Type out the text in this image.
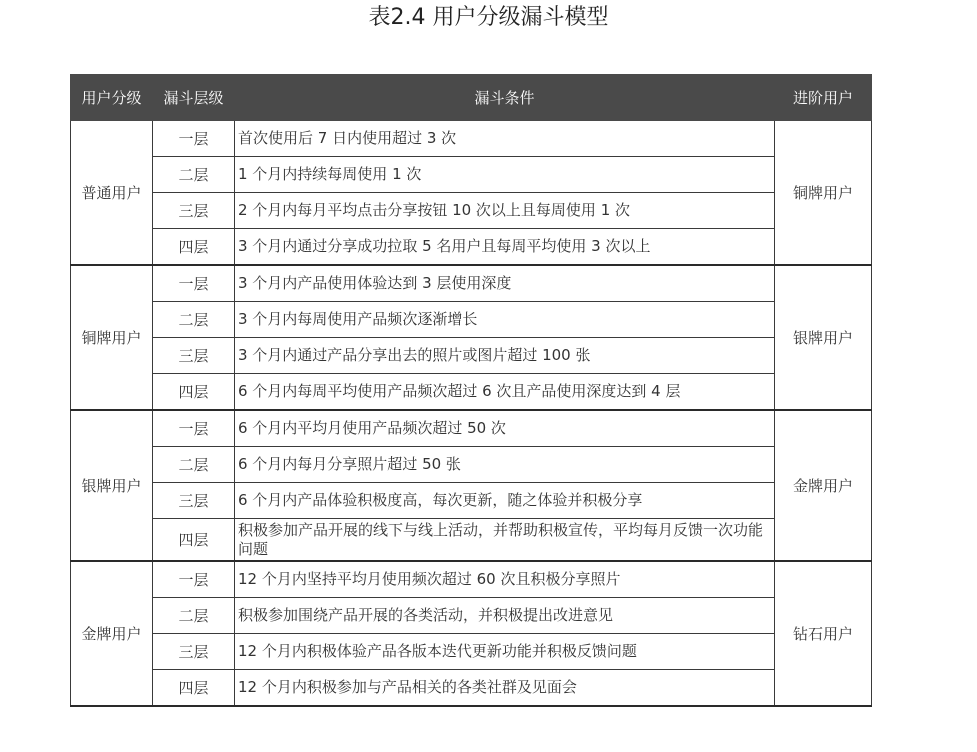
表2.4 用户分级漏斗模型
用户分级	漏斗层级	漏斗条件	进阶用户
普通用户	一层	首次使用后 7 日内使用超过 3 次	铜牌用户
	二层	1 个月内持续每周使用 1 次	
	三层	2 个月内每月平均点击分享按钮 10 次以上且每周使用 1 次	
	四层	3 个月内通过分享成功拉取 5 名用户且每周平均使用 3 次以上	
铜牌用户	一层	3 个月内产品使用体验达到 3 层使用深度	银牌用户
	二层	3 个月内每周使用产品频次逐渐增长	
	三层	3 个月内通过产品分享出去的照片或图片超过 100 张	
	四层	6 个月内每周平均使用产品频次超过 6 次且产品使用深度达到 4 层	
银牌用户	一层	6 个月内平均月使用产品频次超过 50 次	金牌用户
	二层	6 个月内每月分享照片超过 50 张	
	三层	6 个月内产品体验积极度高，每次更新，随之体验并积极分享	
	四层	积极参加产品开展的线下与线上活动，并帮助积极宣传，平均每月反馈一次功能问题	
金牌用户	一层	12 个月内坚持平均月使用频次超过 60 次且积极分享照片	钻石用户
	二层	积极参加围绕产品开展的各类活动，并积极提出改进意见	
	三层	12 个月内积极体验产品各版本迭代更新功能并积极反馈问题	
	四层	12 个月内积极参加与产品相关的各类社群及见面会	
